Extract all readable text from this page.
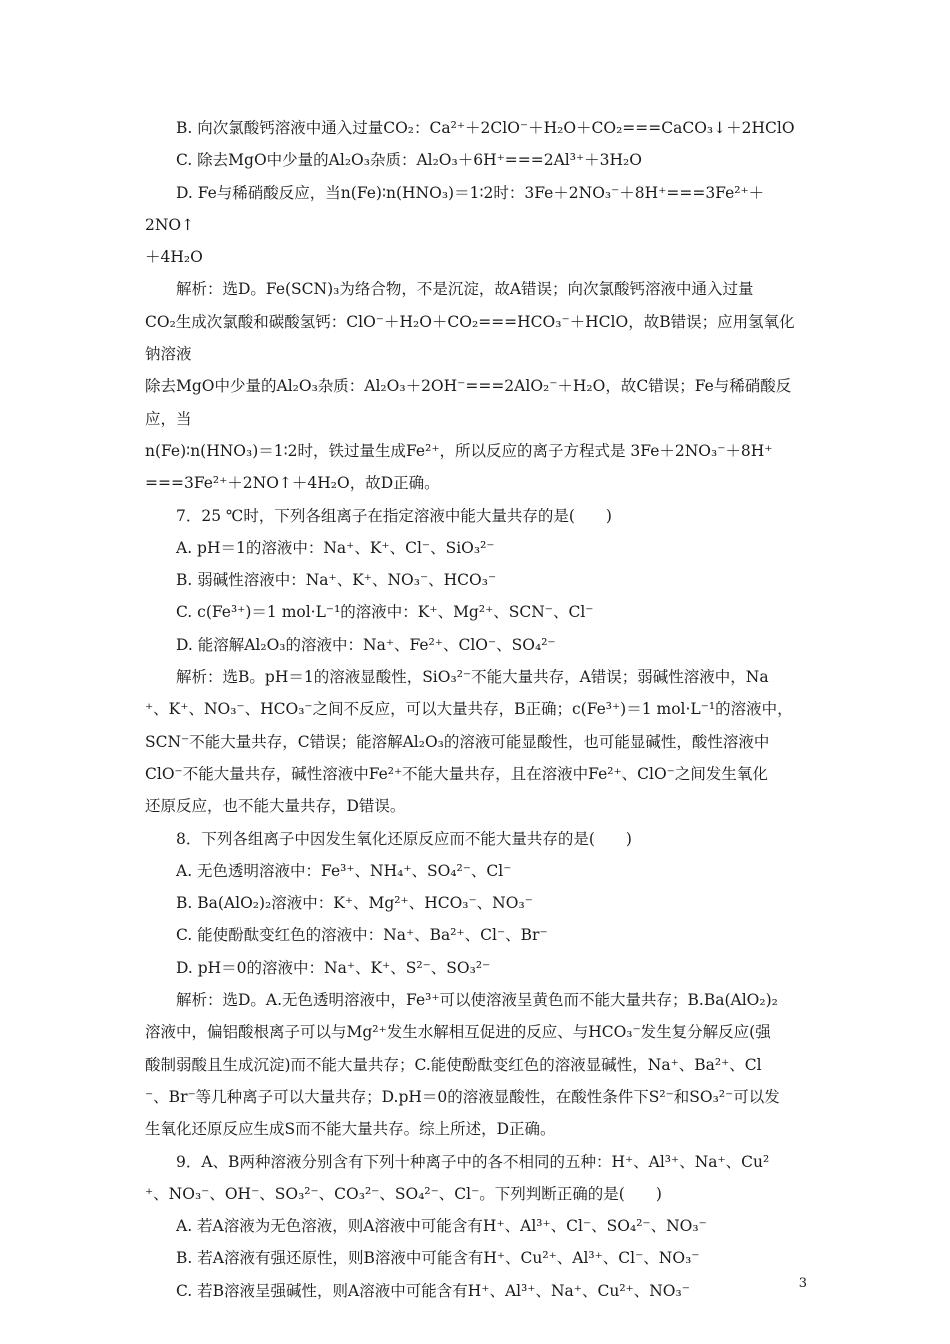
B. 向次氯酸钙溶液中通入过量CO₂：Ca²⁺＋2ClO⁻＋H₂O＋CO₂===CaCO₃↓＋2HClO

C. 除去MgO中少量的Al₂O₃杂质：Al₂O₃＋6H⁺===2Al³⁺＋3H₂O

D. Fe与稀硝酸反应，当n(Fe)∶n(HNO₃)＝1∶2时：3Fe＋2NO₃⁻＋8H⁺===3Fe²⁺＋2NO↑

＋4H₂O

解析：选D。Fe(SCN)₃为络合物，不是沉淀，故A错误；向次氯酸钙溶液中通入过量

CO₂生成次氯酸和碳酸氢钙：ClO⁻＋H₂O＋CO₂===HCO₃⁻＋HClO，故B错误；应用氢氧化钠溶液

除去MgO中少量的Al₂O₃杂质：Al₂O₃＋2OH⁻===2AlO₂⁻＋H₂O，故C错误；Fe与稀硝酸反应，当

n(Fe)∶n(HNO₃)＝1∶2时，铁过量生成Fe²⁺，所以反应的离子方程式是 3Fe＋2NO₃⁻＋8H⁺

===3Fe²⁺＋2NO↑＋4H₂O，故D正确。

7．25 ℃时，下列各组离子在指定溶液中能大量共存的是(　　)

A. pH＝1的溶液中：Na⁺、K⁺、Cl⁻、SiO₃²⁻

B. 弱碱性溶液中：Na⁺、K⁺、NO₃⁻、HCO₃⁻

C. c(Fe³⁺)＝1 mol·L⁻¹的溶液中：K⁺、Mg²⁺、SCN⁻、Cl⁻

D. 能溶解Al₂O₃的溶液中：Na⁺、Fe²⁺、ClO⁻、SO₄²⁻

解析：选B。pH＝1的溶液显酸性，SiO₃²⁻不能大量共存，A错误；弱碱性溶液中，Na

⁺、K⁺、NO₃⁻、HCO₃⁻之间不反应，可以大量共存，B正确；c(Fe³⁺)＝1 mol·L⁻¹的溶液中，

SCN⁻不能大量共存，C错误；能溶解Al₂O₃的溶液可能显酸性，也可能显碱性，酸性溶液中

ClO⁻不能大量共存，碱性溶液中Fe²⁺不能大量共存，且在溶液中Fe²⁺、ClO⁻之间发生氧化

还原反应，也不能大量共存，D错误。

8．下列各组离子中因发生氧化还原反应而不能大量共存的是(　　)

A. 无色透明溶液中：Fe³⁺、NH₄⁺、SO₄²⁻、Cl⁻

B. Ba(AlO₂)₂溶液中：K⁺、Mg²⁺、HCO₃⁻、NO₃⁻

C. 能使酚酞变红色的溶液中：Na⁺、Ba²⁺、Cl⁻、Br⁻

D. pH＝0的溶液中：Na⁺、K⁺、S²⁻、SO₃²⁻

解析：选D。A.无色透明溶液中，Fe³⁺可以使溶液呈黄色而不能大量共存；B.Ba(AlO₂)₂

溶液中，偏铝酸根离子可以与Mg²⁺发生水解相互促进的反应、与HCO₃⁻发生复分解反应(强

酸制弱酸且生成沉淀)而不能大量共存；C.能使酚酞变红色的溶液显碱性，Na⁺、Ba²⁺、Cl

⁻、Br⁻等几种离子可以大量共存；D.pH＝0的溶液显酸性，在酸性条件下S²⁻和SO₃²⁻可以发

生氧化还原反应生成S而不能大量共存。综上所述，D正确。

9．A、B两种溶液分别含有下列十种离子中的各不相同的五种：H⁺、Al³⁺、Na⁺、Cu²

⁺、NO₃⁻、OH⁻、SO₃²⁻、CO₃²⁻、SO₄²⁻、Cl⁻。下列判断正确的是(　　)

A. 若A溶液为无色溶液，则A溶液中可能含有H⁺、Al³⁺、Cl⁻、SO₄²⁻、NO₃⁻

B. 若A溶液有强还原性，则B溶液中可能含有H⁺、Cu²⁺、Al³⁺、Cl⁻、NO₃⁻

C. 若B溶液呈强碱性，则A溶液中可能含有H⁺、Al³⁺、Na⁺、Cu²⁺、NO₃⁻	3
